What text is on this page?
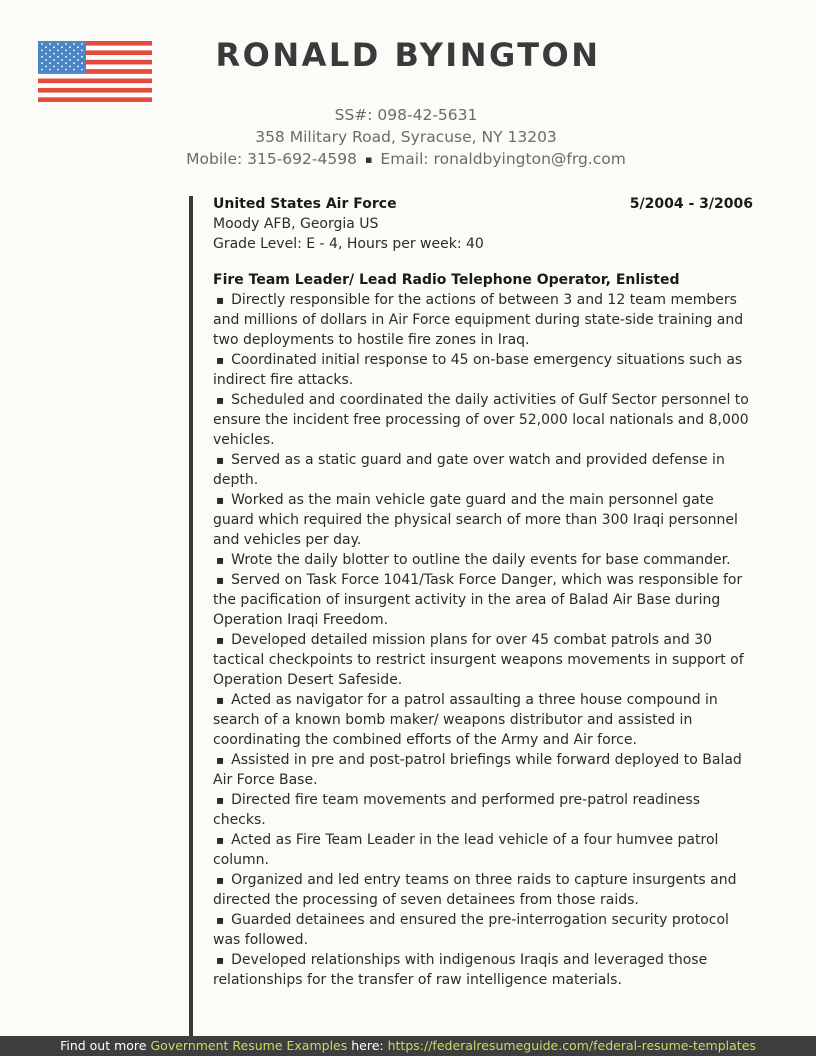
RONALD BYINGTON
SS#: 098-42-5631
358 Military Road, Syracuse, NY 13203
Mobile: 315-692-4598 ▪ Email: ronaldbyington@frg.com
United States Air Force	5/2004 - 3/2006
Moody AFB, Georgia US
Grade Level: E - 4, Hours per week: 40
Fire Team Leader/ Lead Radio Telephone Operator, Enlisted
▪ Directly responsible for the actions of between 3 and 12 team members and millions of dollars in Air Force equipment during state-side training and two deployments to hostile fire zones in Iraq.
▪ Coordinated initial response to 45 on-base emergency situations such as indirect fire attacks.
▪ Scheduled and coordinated the daily activities of Gulf Sector personnel to ensure the incident free processing of over 52,000 local nationals and 8,000 vehicles.
▪ Served as a static guard and gate over watch and provided defense in depth.
▪ Worked as the main vehicle gate guard and the main personnel gate guard which required the physical search of more than 300 Iraqi personnel and vehicles per day.
▪ Wrote the daily blotter to outline the daily events for base commander.
▪ Served on Task Force 1041/Task Force Danger, which was responsible for the pacification of insurgent activity in the area of Balad Air Base during Operation Iraqi Freedom.
▪ Developed detailed mission plans for over 45 combat patrols and 30 tactical checkpoints to restrict insurgent weapons movements in support of Operation Desert Safeside.
▪ Acted as navigator for a patrol assaulting a three house compound in search of a known bomb maker/ weapons distributor and assisted in coordinating the combined efforts of the Army and Air force.
▪ Assisted in pre and post-patrol briefings while forward deployed to Balad Air Force Base.
▪ Directed fire team movements and performed pre-patrol readiness checks.
▪ Acted as Fire Team Leader in the lead vehicle of a four humvee patrol column.
▪ Organized and led entry teams on three raids to capture insurgents and directed the processing of seven detainees from those raids.
▪ Guarded detainees and ensured the pre-interrogation security protocol was followed.
▪ Developed relationships with indigenous Iraqis and leveraged those relationships for the transfer of raw intelligence materials.
Find out more Government Resume Examples here: https://federalresumeguide.com/federal-resume-templates
